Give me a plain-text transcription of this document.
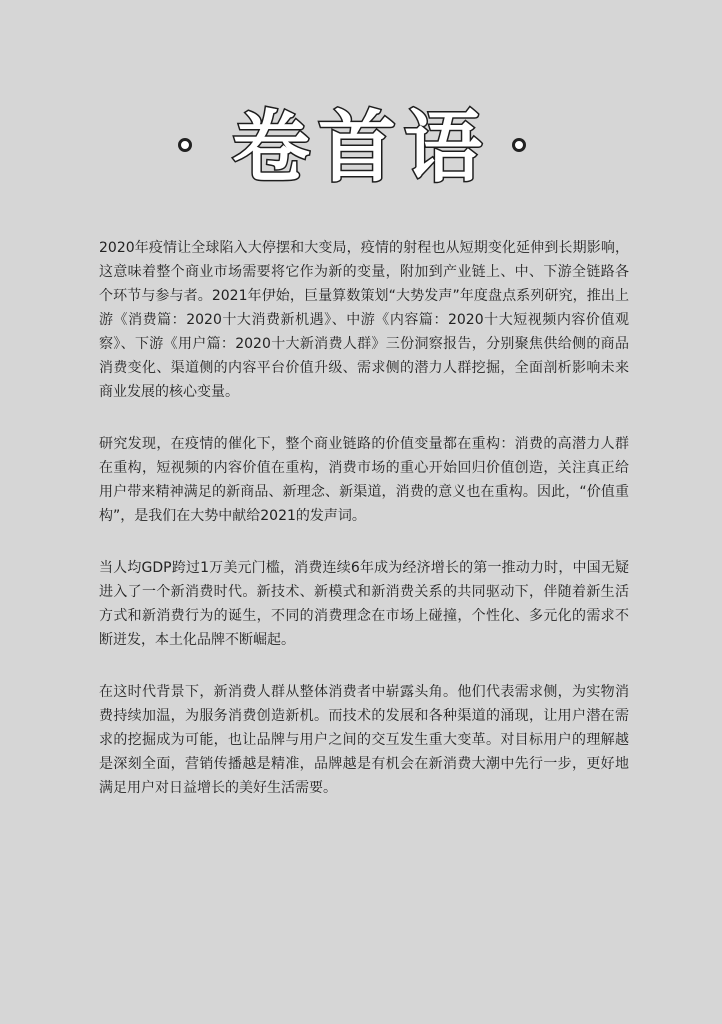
卷首语

2020年疫情让全球陷入大停摆和大变局，疫情的射程也从短期变化延伸到长期影响，这意味着整个商业市场需要将它作为新的变量，附加到产业链上、中、下游全链路各个环节与参与者。2021年伊始，巨量算数策划“大势发声”年度盘点系列研究，推出上游《消费篇：2020十大消费新机遇》、中游《内容篇：2020十大短视频内容价值观察》、下游《用户篇：2020十大新消费人群》三份洞察报告，分别聚焦供给侧的商品消费变化、渠道侧的内容平台价值升级、需求侧的潜力人群挖掘，全面剖析影响未来商业发展的核心变量。

研究发现，在疫情的催化下，整个商业链路的价值变量都在重构：消费的高潜力人群在重构，短视频的内容价值在重构，消费市场的重心开始回归价值创造，关注真正给用户带来精神满足的新商品、新理念、新渠道，消费的意义也在重构。因此，“价值重构”，是我们在大势中献给2021的发声词。

当人均GDP跨过1万美元门槛，消费连续6年成为经济增长的第一推动力时，中国无疑进入了一个新消费时代。新技术、新模式和新消费关系的共同驱动下，伴随着新生活方式和新消费行为的诞生，不同的消费理念在市场上碰撞，个性化、多元化的需求不断迸发，本土化品牌不断崛起。

在这时代背景下，新消费人群从整体消费者中崭露头角。他们代表需求侧，为实物消费持续加温，为服务消费创造新机。而技术的发展和各种渠道的涌现，让用户潜在需求的挖掘成为可能，也让品牌与用户之间的交互发生重大变革。对目标用户的理解越是深刻全面，营销传播越是精准，品牌越是有机会在新消费大潮中先行一步，更好地满足用户对日益增长的美好生活需要。
